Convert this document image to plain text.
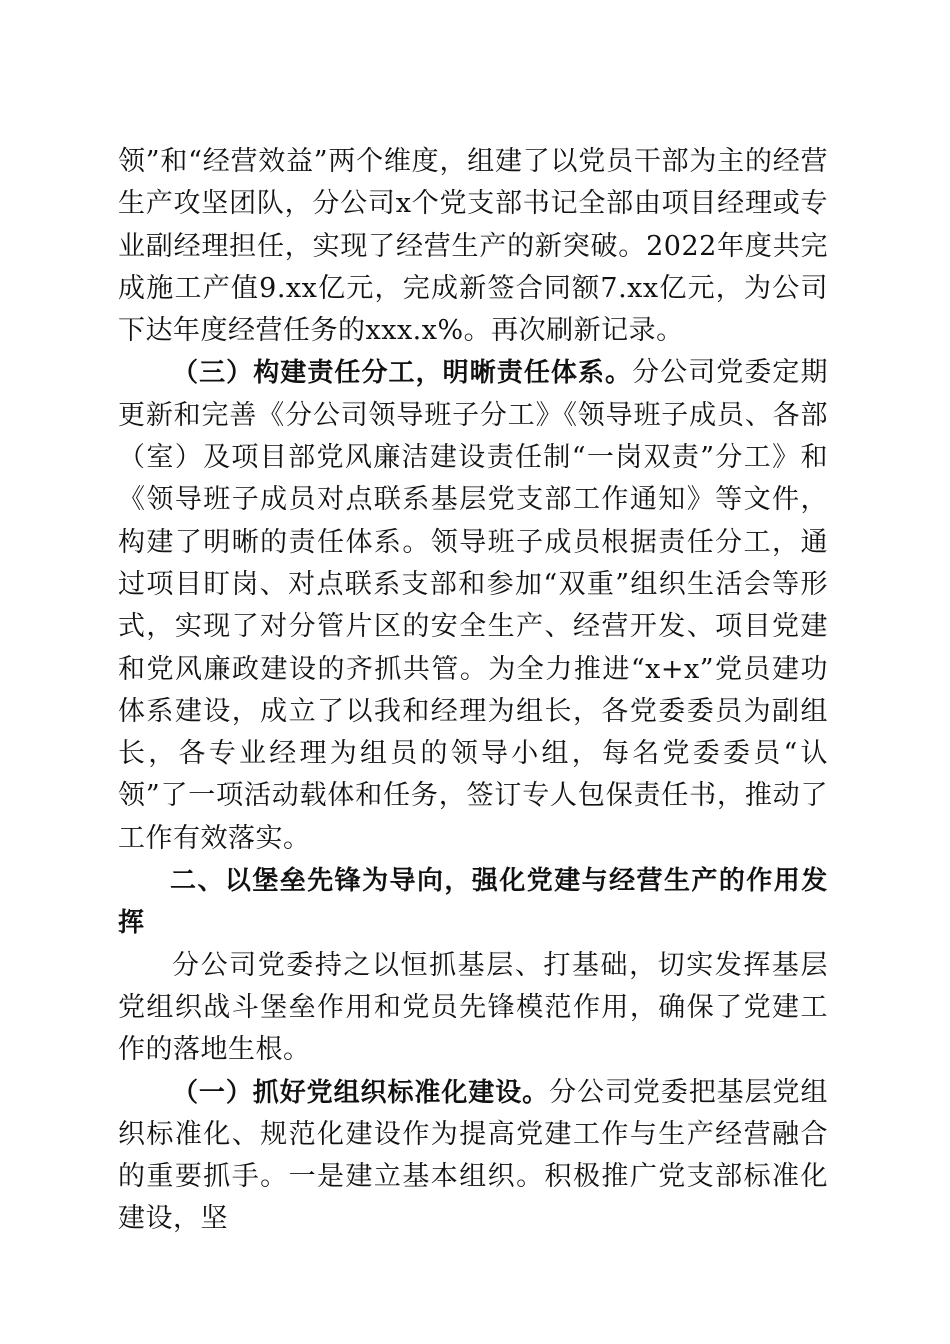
领”和“经营效益”两个维度，组建了以党员干部为主的经营生产攻坚团队，分公司x个党支部书记全部由项目经理或专业副经理担任，实现了经营生产的新突破。2022年度共完成施工产值9.xx亿元，完成新签合同额7.xx亿元，为公司下达年度经营任务的xxx.x%。再次刷新记录。

（三）构建责任分工，明晰责任体系。分公司党委定期更新和完善《分公司领导班子分工》《领导班子成员、各部（室）及项目部党风廉洁建设责任制“一岗双责”分工》和《领导班子成员对点联系基层党支部工作通知》等文件，构建了明晰的责任体系。领导班子成员根据责任分工，通过项目盯岗、对点联系支部和参加“双重”组织生活会等形式，实现了对分管片区的安全生产、经营开发、项目党建和党风廉政建设的齐抓共管。为全力推进“x+x”党员建功体系建设，成立了以我和经理为组长，各党委委员为副组长，各专业经理为组员的领导小组，每名党委委员“认领”了一项活动载体和任务，签订专人包保责任书，推动了工作有效落实。

二、以堡垒先锋为导向，强化党建与经营生产的作用发挥

分公司党委持之以恒抓基层、打基础，切实发挥基层党组织战斗堡垒作用和党员先锋模范作用，确保了党建工作的落地生根。

（一）抓好党组织标准化建设。分公司党委把基层党组织标准化、规范化建设作为提高党建工作与生产经营融合的重要抓手。一是建立基本组织。积极推广党支部标准化建设，坚
